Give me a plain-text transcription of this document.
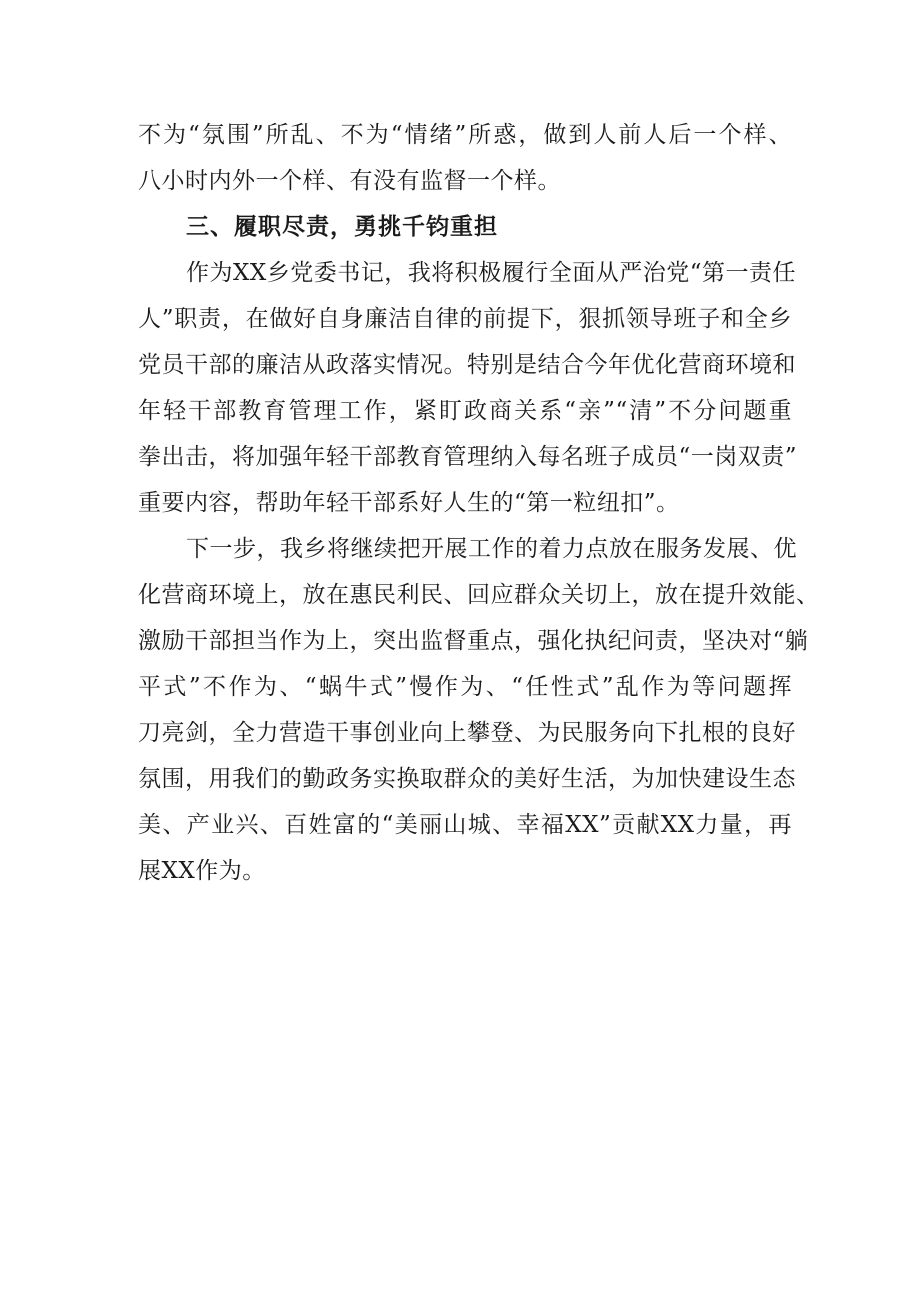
不为“氛围”所乱、不为“情绪”所惑，做到人前人后一个样、
八小时内外一个样、有没有监督一个样。
三、履职尽责，勇挑千钧重担
作为XX乡党委书记，我将积极履行全面从严治党“第一责任
人”职责，在做好自身廉洁自律的前提下，狠抓领导班子和全乡
党员干部的廉洁从政落实情况。特别是结合今年优化营商环境和
年轻干部教育管理工作，紧盯政商关系“亲”“清”不分问题重
拳出击，将加强年轻干部教育管理纳入每名班子成员“一岗双责”
重要内容，帮助年轻干部系好人生的“第一粒纽扣”。
下一步，我乡将继续把开展工作的着力点放在服务发展、优
化营商环境上，放在惠民利民、回应群众关切上，放在提升效能、
激励干部担当作为上，突出监督重点，强化执纪问责，坚决对“躺
平式”不作为、“蜗牛式”慢作为、“任性式”乱作为等问题挥
刀亮剑，全力营造干事创业向上攀登、为民服务向下扎根的良好
氛围，用我们的勤政务实换取群众的美好生活，为加快建设生态
美、产业兴、百姓富的“美丽山城、幸福XX”贡献XX力量，再
展XX作为。
